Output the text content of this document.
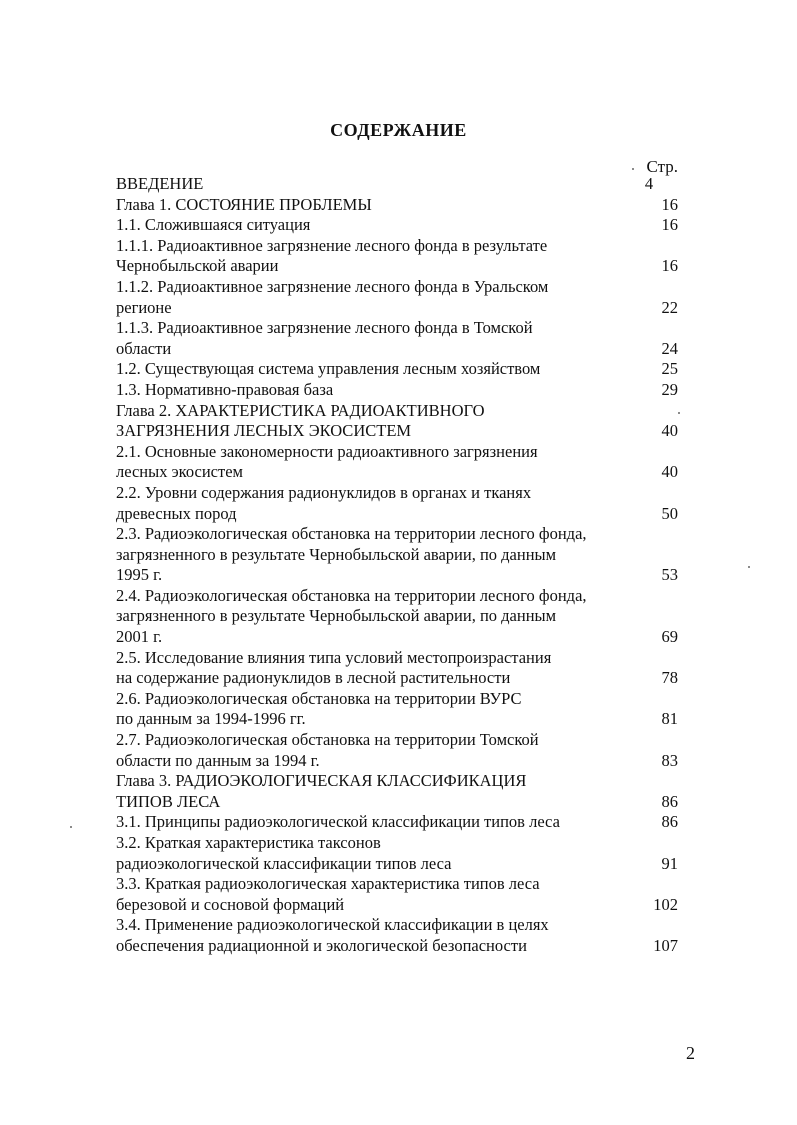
СОДЕРЖАНИЕ
Стр.
ВВЕДЕНИЕ	4
Глава 1. СОСТОЯНИЕ ПРОБЛЕМЫ	16
1.1. Сложившаяся ситуация	16
1.1.1. Радиоактивное загрязнение лесного фонда в результате
Чернобыльской аварии	16
1.1.2. Радиоактивное загрязнение лесного фонда в Уральском
регионе	22
1.1.3. Радиоактивное загрязнение лесного фонда в Томской
области	24
1.2. Существующая система управления лесным хозяйством	25
1.3. Нормативно-правовая база	29
Глава 2. ХАРАКТЕРИСТИКА РАДИОАКТИВНОГО
ЗАГРЯЗНЕНИЯ ЛЕСНЫХ ЭКОСИСТЕМ	40
2.1. Основные закономерности радиоактивного загрязнения
лесных экосистем	40
2.2. Уровни содержания радионуклидов в органах и тканях
древесных пород	50
2.3. Радиоэкологическая обстановка на территории лесного фонда,
загрязненного в результате Чернобыльской аварии, по данным
1995 г.	53
2.4. Радиоэкологическая обстановка на территории лесного фонда,
загрязненного в результате Чернобыльской аварии, по данным
2001 г.	69
2.5. Исследование влияния типа условий местопроизрастания
на содержание радионуклидов в лесной растительности	78
2.6. Радиоэкологическая обстановка на территории ВУРС
по данным за 1994-1996 гг.	81
2.7. Радиоэкологическая обстановка на территории Томской
области по данным за 1994 г.	83
Глава 3. РАДИОЭКОЛОГИЧЕСКАЯ КЛАССИФИКАЦИЯ
ТИПОВ ЛЕСА	86
3.1. Принципы радиоэкологической классификации типов леса	86
3.2. Краткая характеристика таксонов
радиоэкологической классификации типов леса	91
3.3. Краткая радиоэкологическая характеристика типов леса
березовой и сосновой формаций	102
3.4. Применение радиоэкологической классификации в целях
обеспечения радиационной и экологической безопасности	107
2
